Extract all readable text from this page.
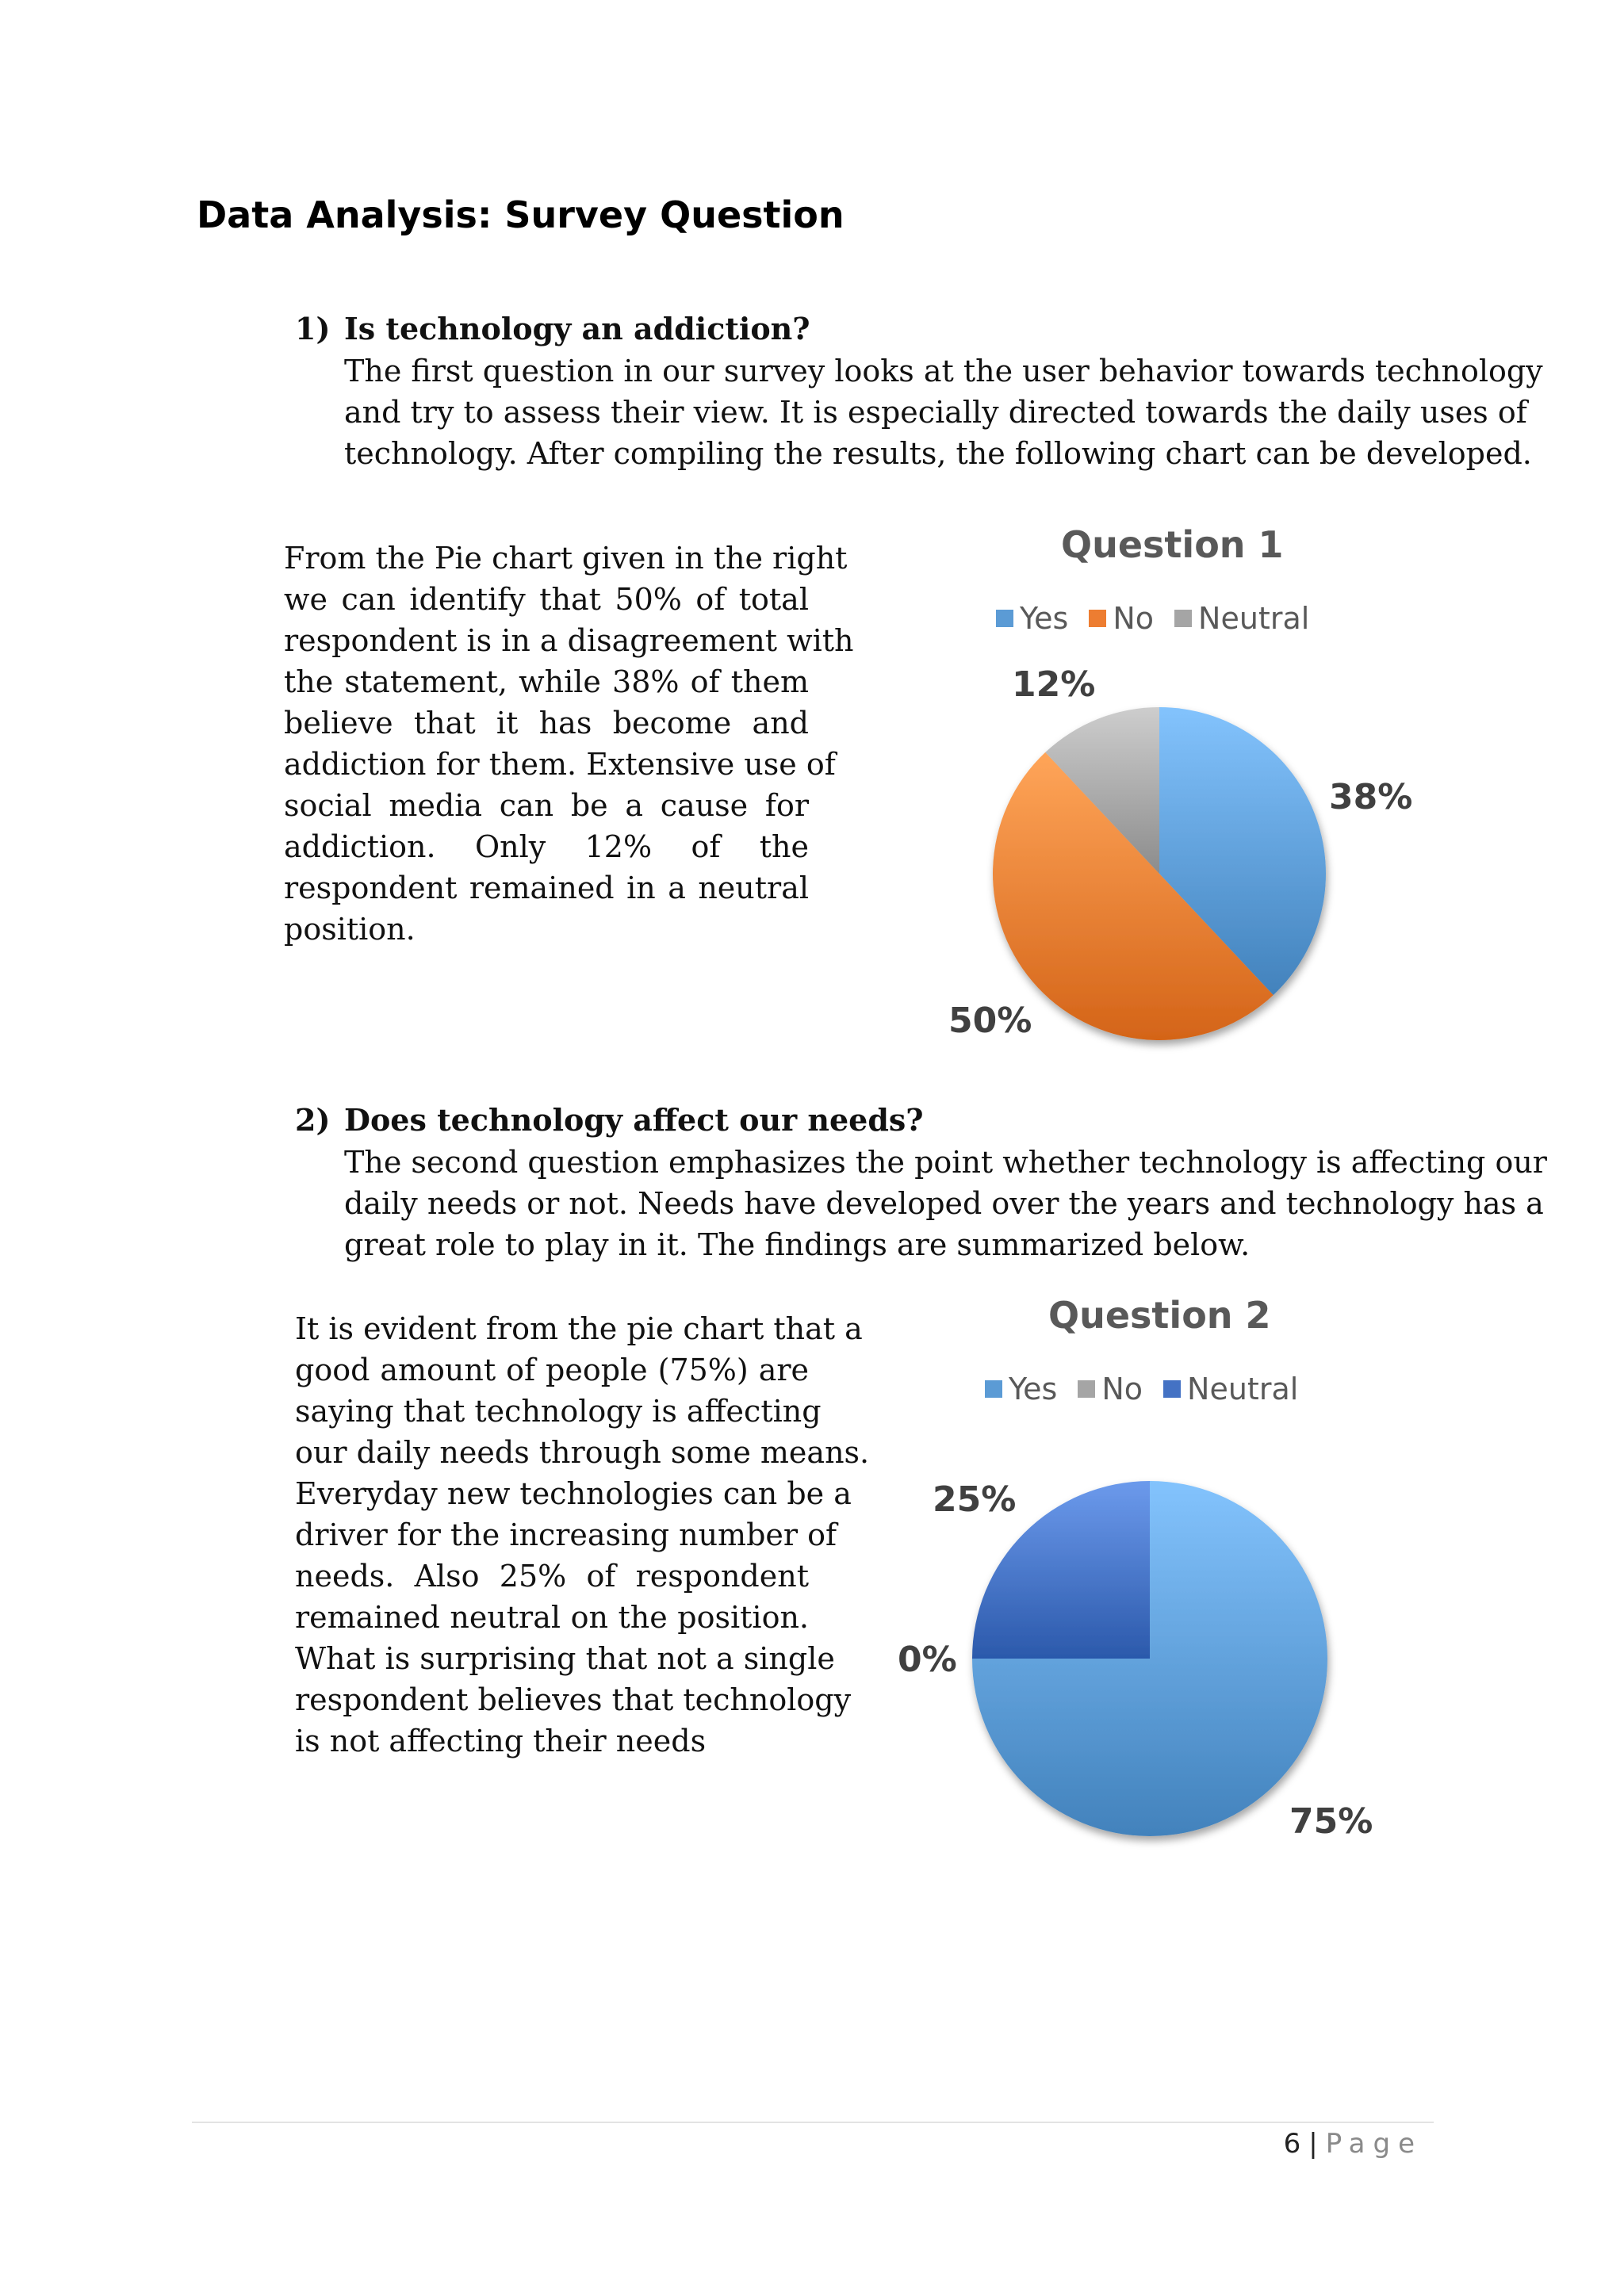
Data Analysis: Survey Question
1) Is technology an addiction?
The first question in our survey looks at the user behavior towards technology
and try to assess their view. It is especially directed towards the daily uses of
technology. After compiling the results, the following chart can be developed.
From the Pie chart given in the right
we can identify that 50% of total
respondent is in a disagreement with
the statement, while 38% of them
believe that it has become and
addiction for them. Extensive use of
social media can be a cause for
addiction. Only 12% of the
respondent remained in a neutral
position.
Question 1
Yes No Neutral
38%
50%
12%
2) Does technology affect our needs?
The second question emphasizes the point whether technology is affecting our
daily needs or not. Needs have developed over the years and technology has a
great role to play in it. The findings are summarized below.
It is evident from the pie chart that a
good amount of people (75%) are
saying that technology is affecting
our daily needs through some means.
Everyday new technologies can be a
driver for the increasing number of
needs. Also 25% of respondent
remained neutral on the position.
What is surprising that not a single
respondent believes that technology
is not affecting their needs
Question 2
Yes No Neutral
75%
0%
25%
6 | Page
